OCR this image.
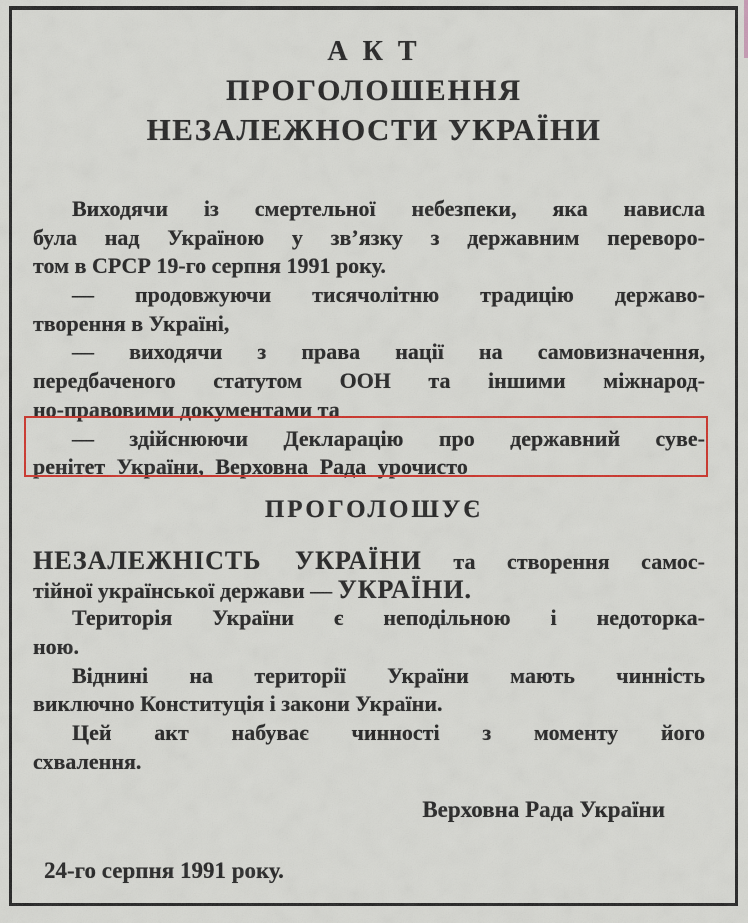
А К Т
ПРОГОЛОШЕННЯ
НЕЗАЛЕЖНОСТИ УКРАЇНИ
Виходячи із смертельної небезпеки, яка нависла
була над Україною у зв’язку з державним переворо-
том в СРСР 19-го серпня 1991 року.
— продовжуючи тисячолітню традицію державо-
творення в Україні,
— виходячи з права нації на самовизначення,
передбаченого статутом ООН та іншими міжнарод-
но-правовими документами та
— здійснюючи Декларацію про державний суве-
ренітет України, Верховна Рада урочисто
ПРОГОЛОШУЄ
НЕЗАЛЕЖНІСТЬ УКРАЇНИ та створення самос-
тійної української держави — УКРАЇНИ.
Територія України є неподільною і недоторка-
ною.
Віднині на території України мають чинність
виключно Конституція і закони України.
Цей акт набуває чинності з моменту його
схвалення.
Верховна Рада України
24-го серпня 1991 року.
